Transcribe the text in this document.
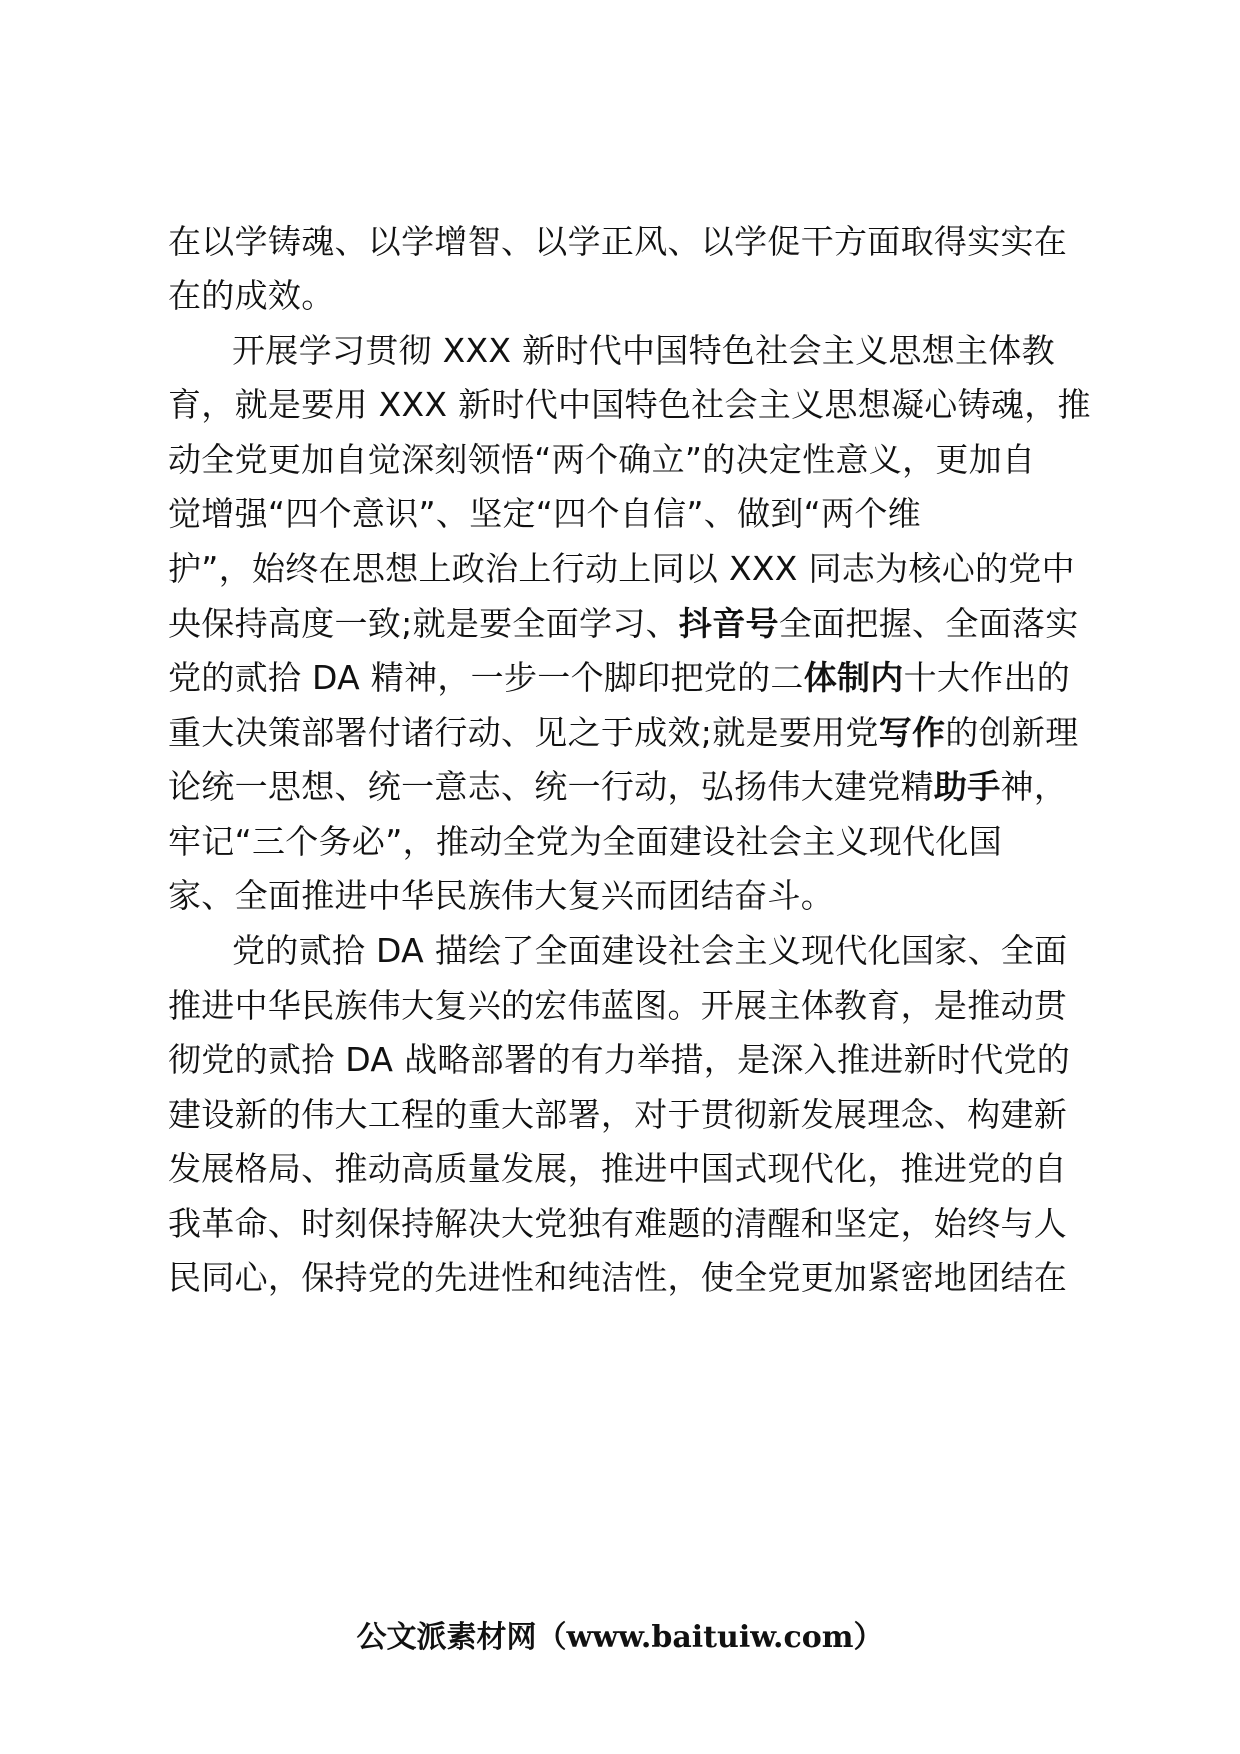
在以学铸魂、以学增智、以学正风、以学促干方面取得实实在
在的成效。
开展学习贯彻 XXX 新时代中国特色社会主义思想主体教
育，就是要用 XXX 新时代中国特色社会主义思想凝心铸魂，推
动全党更加自觉深刻领悟“两个确立”的决定性意义，更加自
觉增强“四个意识”、坚定“四个自信”、做到“两个维
护”，始终在思想上政治上行动上同以 XXX 同志为核心的党中
央保持高度一致;就是要全面学习、抖音号全面把握、全面落实
党的贰拾 DA 精神，一步一个脚印把党的二体制内十大作出的
重大决策部署付诸行动、见之于成效;就是要用党写作的创新理
论统一思想、统一意志、统一行动，弘扬伟大建党精助手神，
牢记“三个务必”，推动全党为全面建设社会主义现代化国
家、全面推进中华民族伟大复兴而团结奋斗。
党的贰拾 DA 描绘了全面建设社会主义现代化国家、全面
推进中华民族伟大复兴的宏伟蓝图。开展主体教育，是推动贯
彻党的贰拾 DA 战略部署的有力举措，是深入推进新时代党的
建设新的伟大工程的重大部署，对于贯彻新发展理念、构建新
发展格局、推动高质量发展，推进中国式现代化，推进党的自
我革命、时刻保持解决大党独有难题的清醒和坚定，始终与人
民同心，保持党的先进性和纯洁性，使全党更加紧密地团结在
公文派素材网（www.baituiw.com）
